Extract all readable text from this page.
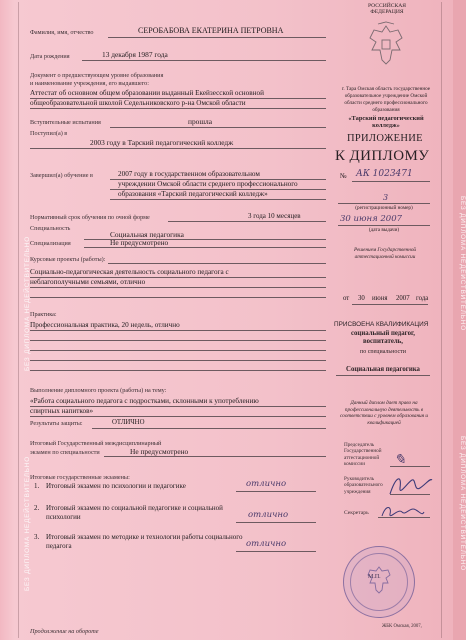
БЕЗ ДИПЛОМА НЕДЕЙСТВИТЕЛЬНО
БЕЗ ДИПЛОМА НЕДЕЙСТВИТЕЛЬНО
БЕЗ ДИПЛОМА НЕДЕЙСТВИТЕЛЬНО
БЕЗ ДИПЛОМА НЕДЕЙСТВИТЕЛЬНО
РОССИЙСКАЯ ФЕДЕРАЦИЯ
г. Тара Омская область государственное образовательное учреждение Омской области среднего профессионального образования
«Тарский педагогический колледж»
ПРИЛОЖЕНИЕ
К ДИПЛОМУ
№ АК 1023471
3
(регистрационный номер)
30 июня 2007
(дата выдачи)
Решением Государственной аттестационной комиссии
от 30 июня 2007 года
ПРИСВОЕНА КВАЛИФИКАЦИЯ
социальный педагог, воспитатель,
по специальности
Социальная педагогика
Данный диплом дает право на профессиональную деятельность в соответствии с уровнем образования и квалификацией
Председатель Государственной аттестационной комиссии	✎
Руководитель образовательного учреждения
Секретарь
М.П.
ЖБК Омская, 2007,
Фамилия, имя, отчество	СЕРОБАБОВА ЕКАТЕРИНА ПЕТРОВНА
Дата рождения	13 декабря 1987 года
Документ о предшествующем уровне образования
и наименование учреждения, его выдавшего:
Аттестат об основном общем образовании выданный Екейзесской основной
общеобразовательной школой Седельниковского р-на Омской области
Вступительные испытания	прошла
Поступил(а) в
2003 году в Тарский педагогический колледж
Завершил(а) обучение в	2007 году в государственном образовательном
учреждении Омской области среднего профессионального
образования «Тарский педагогический колледж»
Нормативный срок обучения по очной форме	3 года 10 месяцев
Специальность
Социальная педагогика
Специализация	Не предусмотрено
Курсовые проекты (работы):
Социально-педагогическая деятельность социального педагога с
неблагополучными семьями, отлично
Практика:
Профессиональная практика, 20 недель, отлично
Выполнение дипломного проекта (работы) на тему:
«Работа социального педагога с подростками, склонными к употреблению
спиртных напитков»
Результаты защиты:	ОТЛИЧНО
Итоговый Государственный междисциплинарный
экзамен по специальности	Не предусмотрено
Итоговые государственные экзамены:
1. Итоговый экзамен по психологии и педагогике	отлично
2. Итоговый экзамен по социальной педагогике и социальной
психологии	отлично
3. Итоговый экзамен по методике и технологии работы социального
педагога	отлично
Продолжение на обороте
